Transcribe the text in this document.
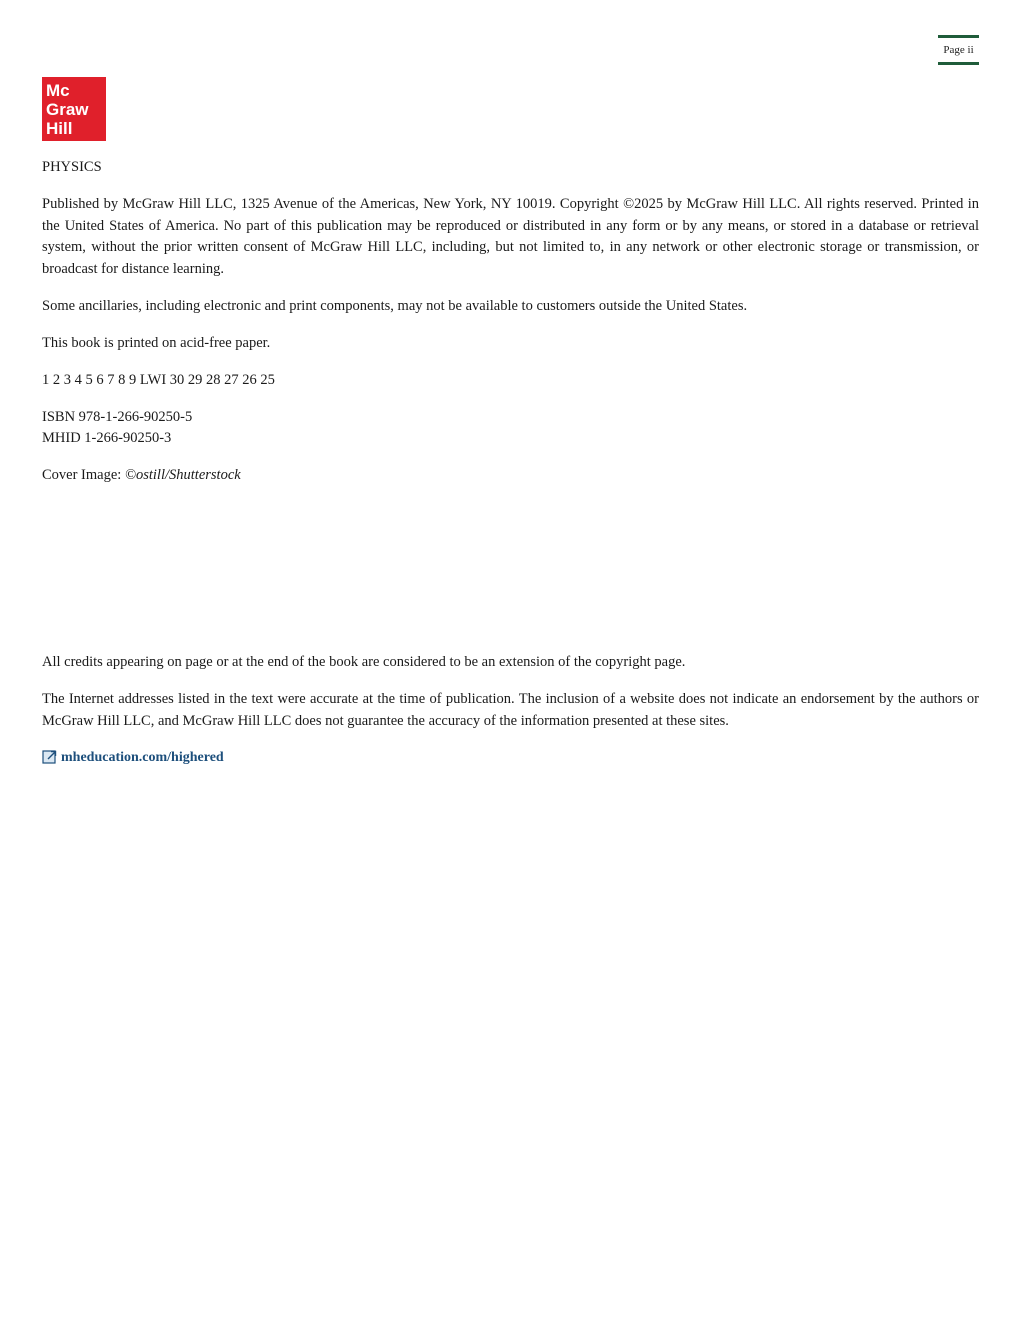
Page ii
Mc
Graw
Hill

PHYSICS

Published by McGraw Hill LLC, 1325 Avenue of the Americas, New York, NY 10019. Copyright ©2025 by McGraw Hill LLC. All rights reserved. Printed in the United States of America. No part of this publication may be reproduced or distributed in any form or by any means, or stored in a database or retrieval system, without the prior written consent of McGraw Hill LLC, including, but not limited to, in any network or other electronic storage or transmission, or broadcast for distance learning.

Some ancillaries, including electronic and print components, may not be available to customers outside the United States.

This book is printed on acid-free paper.

1 2 3 4 5 6 7 8 9 LWI 30 29 28 27 26 25

ISBN 978-1-266-90250-5
MHID 1-266-90250-3

Cover Image: ©ostill/Shutterstock

All credits appearing on page or at the end of the book are considered to be an extension of the copyright page.

The Internet addresses listed in the text were accurate at the time of publication. The inclusion of a website does not indicate an endorsement by the authors or McGraw Hill LLC, and McGraw Hill LLC does not guarantee the accuracy of the information presented at these sites.

mheducation.com/highered
